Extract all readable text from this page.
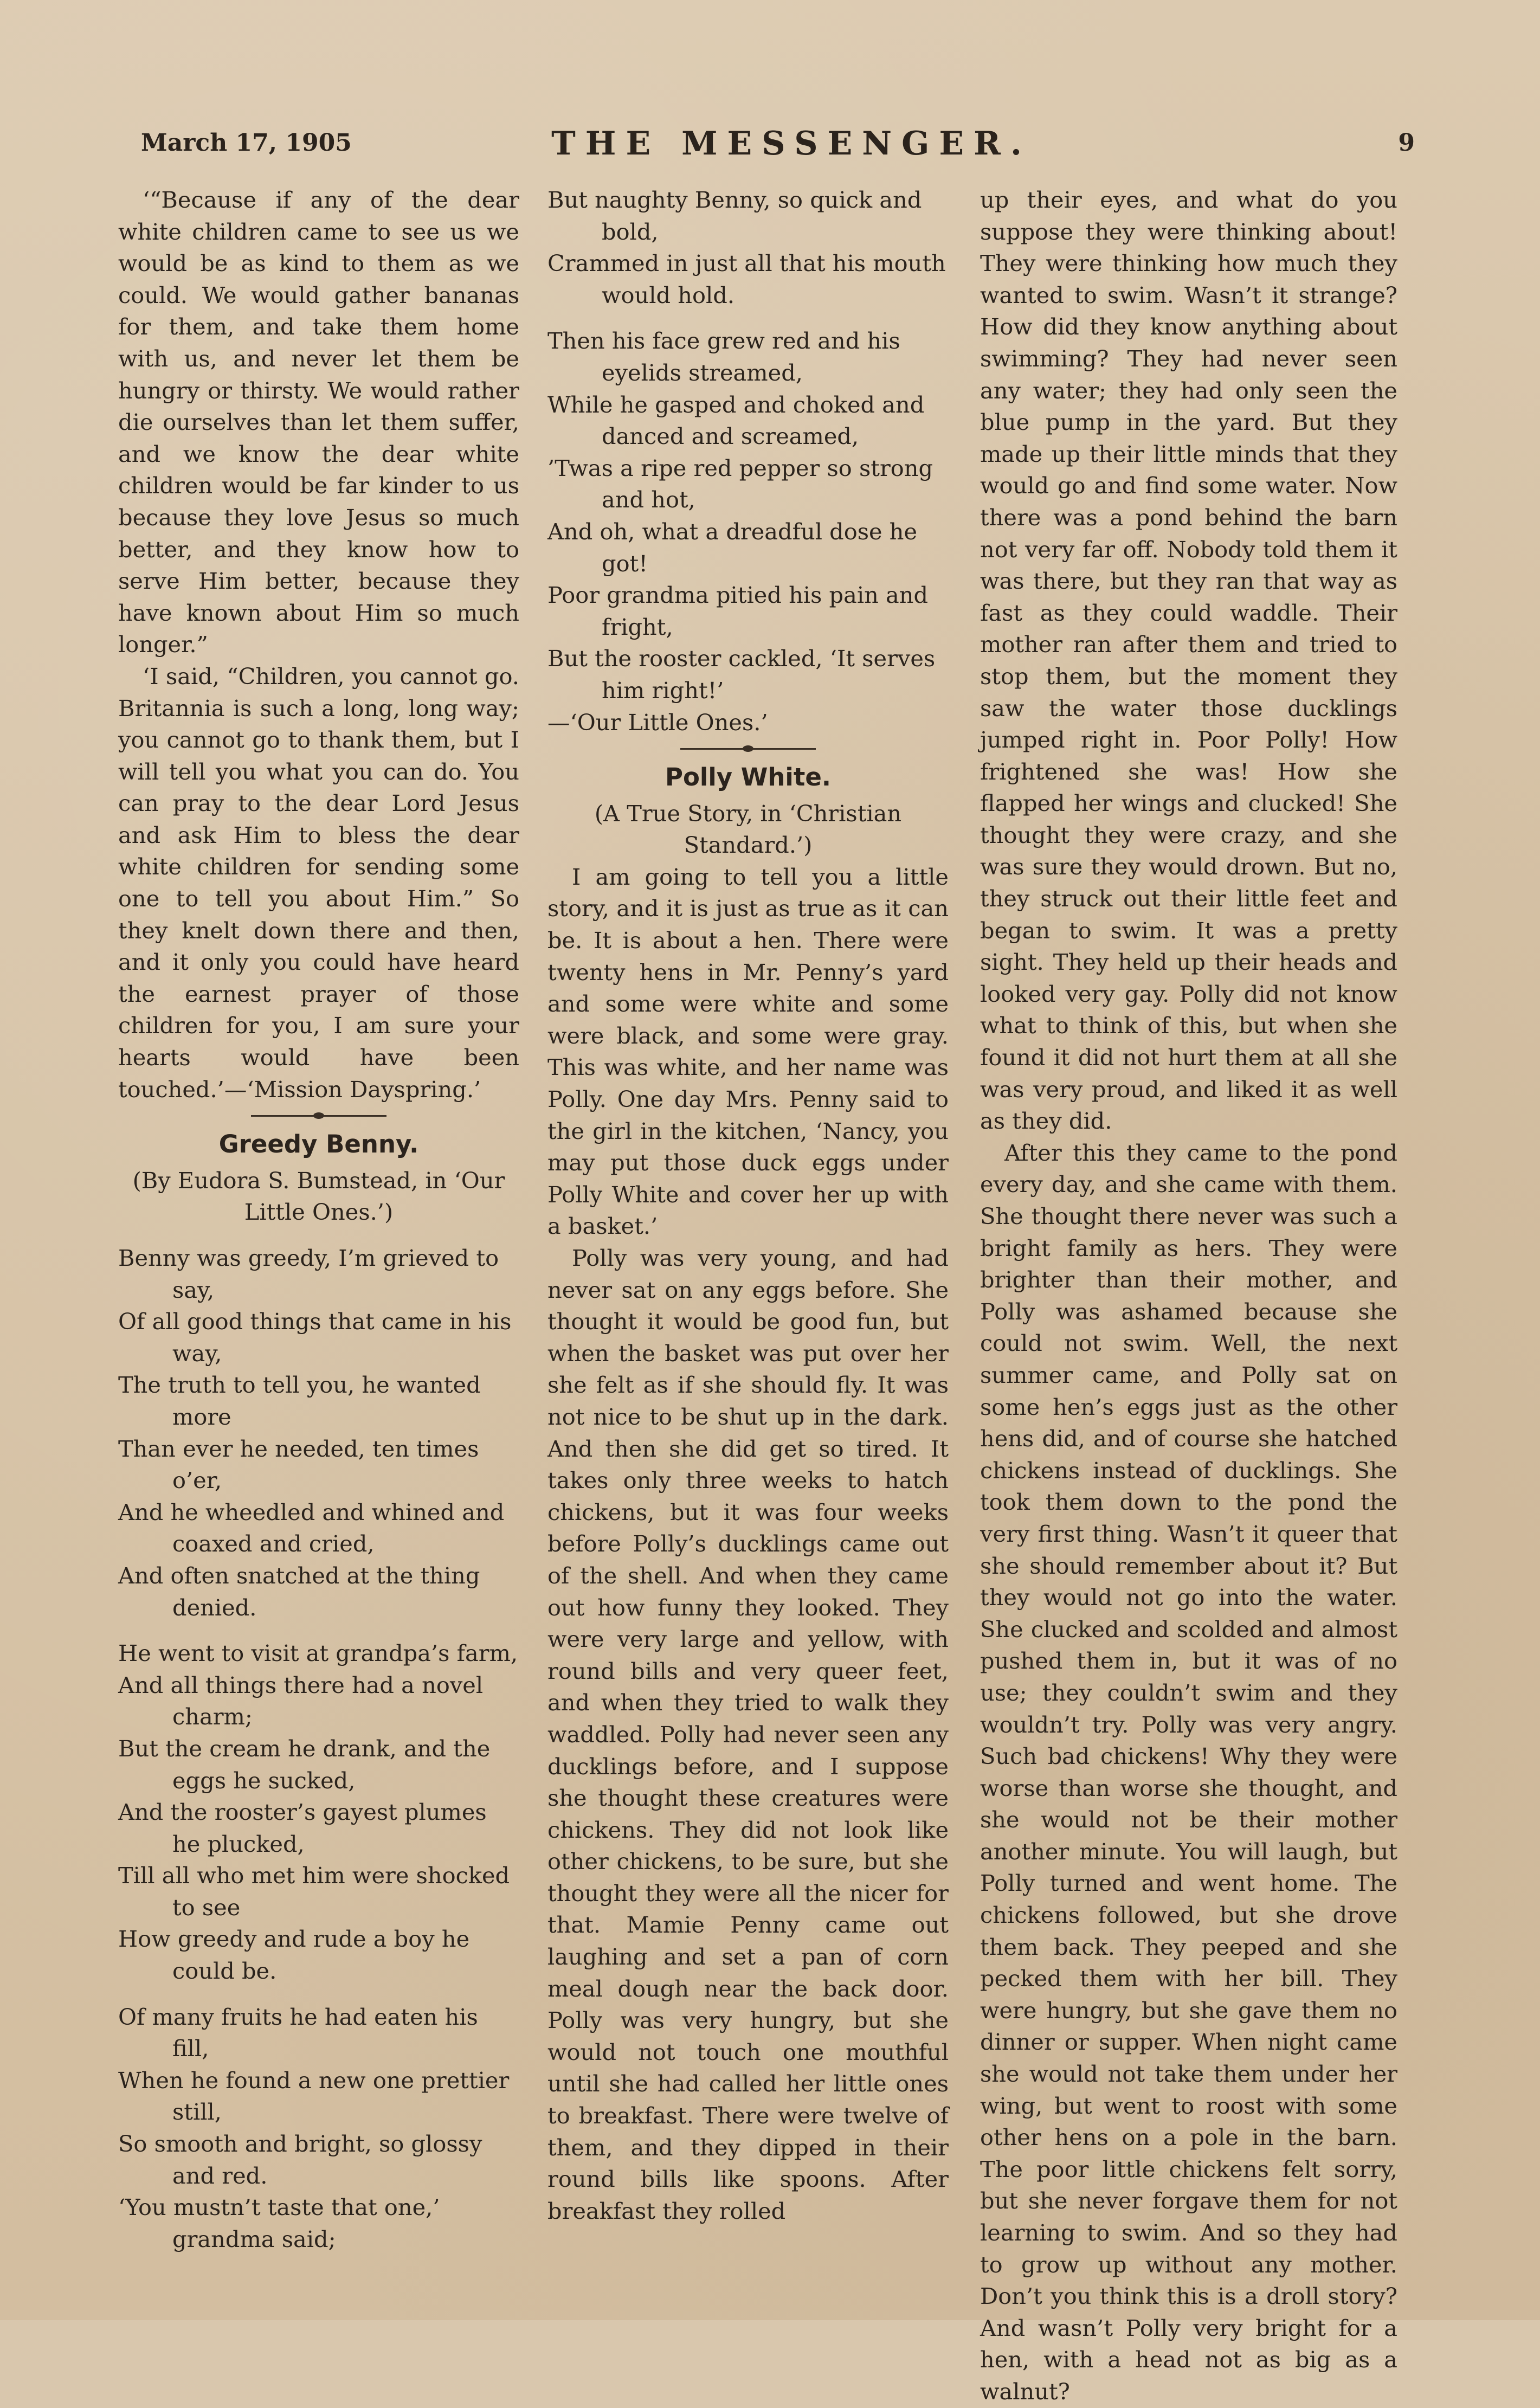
March 17, 1905	THE MESSENGER.	9

‘“Because if any of the dear white children came to see us we would be as kind to them as we could. We would gather bananas for them, and take them home with us, and never let them be hungry or thirsty. We would rather die ourselves than let them suffer, and we know the dear white children would be far kinder to us because they love Jesus so much better, and they know how to serve Him better, because they have known about Him so much longer.”

‘I said, “Children, you cannot go. Britannia is such a long, long way; you cannot go to thank them, but I will tell you what you can do. You can pray to the dear Lord Jesus and ask Him to bless the dear white children for sending some one to tell you about Him.” So they knelt down there and then, and it only you could have heard the earnest prayer of those children for you, I am sure your hearts would have been touched.’—‘Mission Dayspring.’

Greedy Benny.

(By Eudora S. Bumstead, in ‘Our Little Ones.’)

Benny was greedy, I’m grieved to say,

Of all good things that came in his way,

The truth to tell you, he wanted more

Than ever he needed, ten times o’er,

And he wheedled and whined and coaxed and cried,

And often snatched at the thing denied.

He went to visit at grandpa’s farm,

And all things there had a novel charm;

But the cream he drank, and the eggs he sucked,

And the rooster’s gayest plumes he plucked,

Till all who met him were shocked to see

How greedy and rude a boy he could be.

Of many fruits he had eaten his fill,

When he found a new one prettier still,

So smooth and bright, so glossy and red.

‘You mustn’t taste that one,’ grandma said;

But naughty Benny, so quick and bold,

Crammed in just all that his mouth would hold.

Then his face grew red and his eyelids streamed,

While he gasped and choked and danced and screamed,

’Twas a ripe red pepper so strong and hot,

And oh, what a dreadful dose he got!

Poor grandma pitied his pain and fright,

But the rooster cackled, ‘It serves him right!’

—‘Our Little Ones.’

Polly White.

(A True Story, in ‘Christian Standard.’)

I am going to tell you a little story, and it is just as true as it can be. It is about a hen. There were twenty hens in Mr. Penny’s yard and some were white and some were black, and some were gray. This was white, and her name was Polly. One day Mrs. Penny said to the girl in the kitchen, ‘Nancy, you may put those duck eggs under Polly White and cover her up with a basket.’

Polly was very young, and had never sat on any eggs before. She thought it would be good fun, but when the basket was put over her she felt as if she should fly. It was not nice to be shut up in the dark. And then she did get so tired. It takes only three weeks to hatch chickens, but it was four weeks before Polly’s ducklings came out of the shell. And when they came out how funny they looked. They were very large and yellow, with round bills and very queer feet, and when they tried to walk they waddled. Polly had never seen any ducklings before, and I suppose she thought these creatures were chickens. They did not look like other chickens, to be sure, but she thought they were all the nicer for that. Mamie Penny came out laughing and set a pan of corn meal dough near the back door. Polly was very hungry, but she would not touch one mouthful until she had called her little ones to breakfast. There were twelve of them, and they dipped in their round bills like spoons. After breakfast they rolled

up their eyes, and what do you suppose they were thinking about! They were thinking how much they wanted to swim. Wasn’t it strange? How did they know anything about swimming? They had never seen any water; they had only seen the blue pump in the yard. But they made up their little minds that they would go and find some water. Now there was a pond behind the barn not very far off. Nobody told them it was there, but they ran that way as fast as they could waddle. Their mother ran after them and tried to stop them, but the moment they saw the water those ducklings jumped right in. Poor Polly! How frightened she was! How she flapped her wings and clucked! She thought they were crazy, and she was sure they would drown. But no, they struck out their little feet and began to swim. It was a pretty sight. They held up their heads and looked very gay. Polly did not know what to think of this, but when she found it did not hurt them at all she was very proud, and liked it as well as they did.

After this they came to the pond every day, and she came with them. She thought there never was such a bright family as hers. They were brighter than their mother, and Polly was ashamed because she could not swim. Well, the next summer came, and Polly sat on some hen’s eggs just as the other hens did, and of course she hatched chickens instead of ducklings. She took them down to the pond the very first thing. Wasn’t it queer that she should remember about it? But they would not go into the water. She clucked and scolded and almost pushed them in, but it was of no use; they couldn’t swim and they wouldn’t try. Polly was very angry. Such bad chickens! Why they were worse than worse she thought, and she would not be their mother another minute. You will laugh, but Polly turned and went home. The chickens followed, but she drove them back. They peeped and she pecked them with her bill. They were hungry, but she gave them no dinner or supper. When night came she would not take them under her wing, but went to roost with some other hens on a pole in the barn. The poor little chickens felt sorry, but she never forgave them for not learning to swim. And so they had to grow up without any mother. Don’t you think this is a droll story? And wasn’t Polly very bright for a hen, with a head not as big as a walnut?
